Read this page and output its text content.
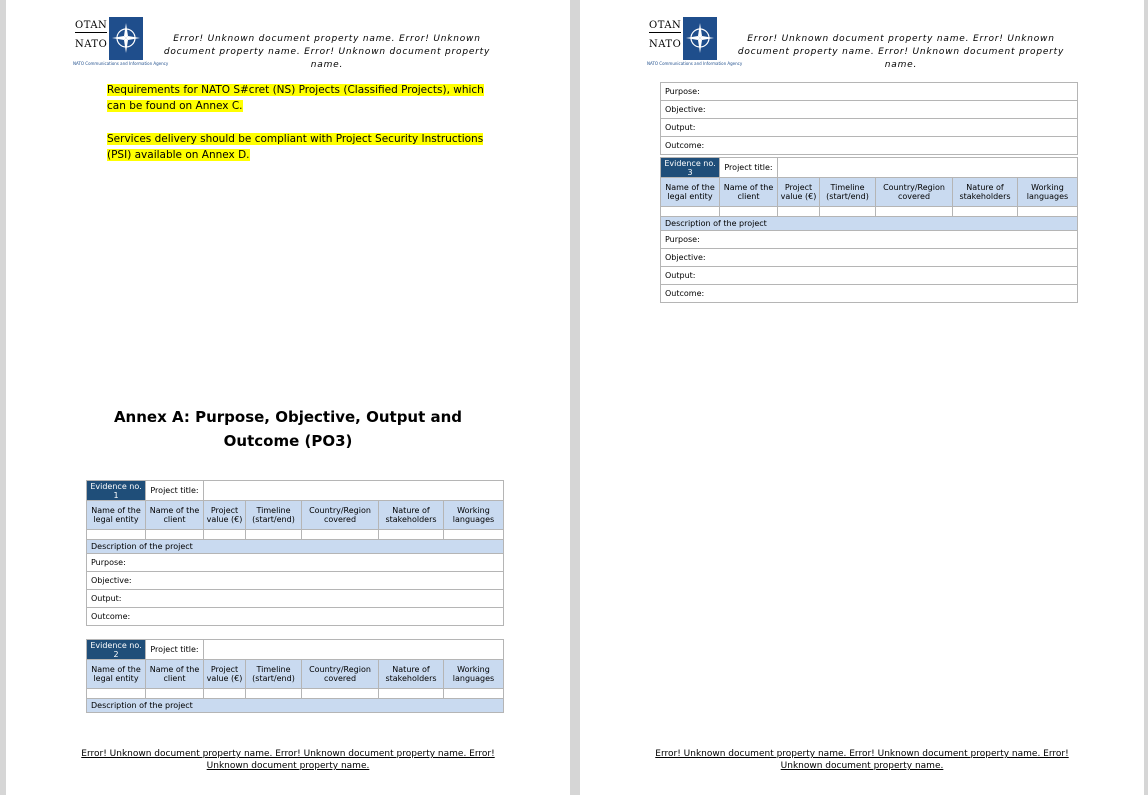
OTAN
NATO
NATO Communications and Information Agency
Error! Unknown document property name. Error! Unknown document property name. Error! Unknown document property name.
Requirements for NATO S#cret (NS) Projects (Classified Projects), which can be found on Annex C.
Services delivery should be compliant with Project Security Instructions (PSI) available on Annex D.
Annex A: Purpose, Objective, Output and Outcome (PO3)
Evidence no. 1	Project title:					
Name of the legal entity	Name of the client	Project value (€)	Timeline (start/end)	Country/Region covered	Nature of stakeholders	Working languages

Description of the project						
Purpose:						
Objective:						
Output:						
Outcome:						
Evidence no. 2	Project title:					
Name of the legal entity	Name of the client	Project value (€)	Timeline (start/end)	Country/Region covered	Nature of stakeholders	Working languages

Description of the project						
Error! Unknown document property name. Error! Unknown document property name. Error! Unknown document property name.
OTAN
NATO
NATO Communications and Information Agency
Error! Unknown document property name. Error! Unknown document property name. Error! Unknown document property name.
Purpose:
Objective:
Output:
Outcome:
Evidence no. 3	Project title:					
Name of the legal entity	Name of the client	Project value (€)	Timeline (start/end)	Country/Region covered	Nature of stakeholders	Working languages

Description of the project						
Purpose:						
Objective:						
Output:						
Outcome:						
Error! Unknown document property name. Error! Unknown document property name. Error! Unknown document property name.
